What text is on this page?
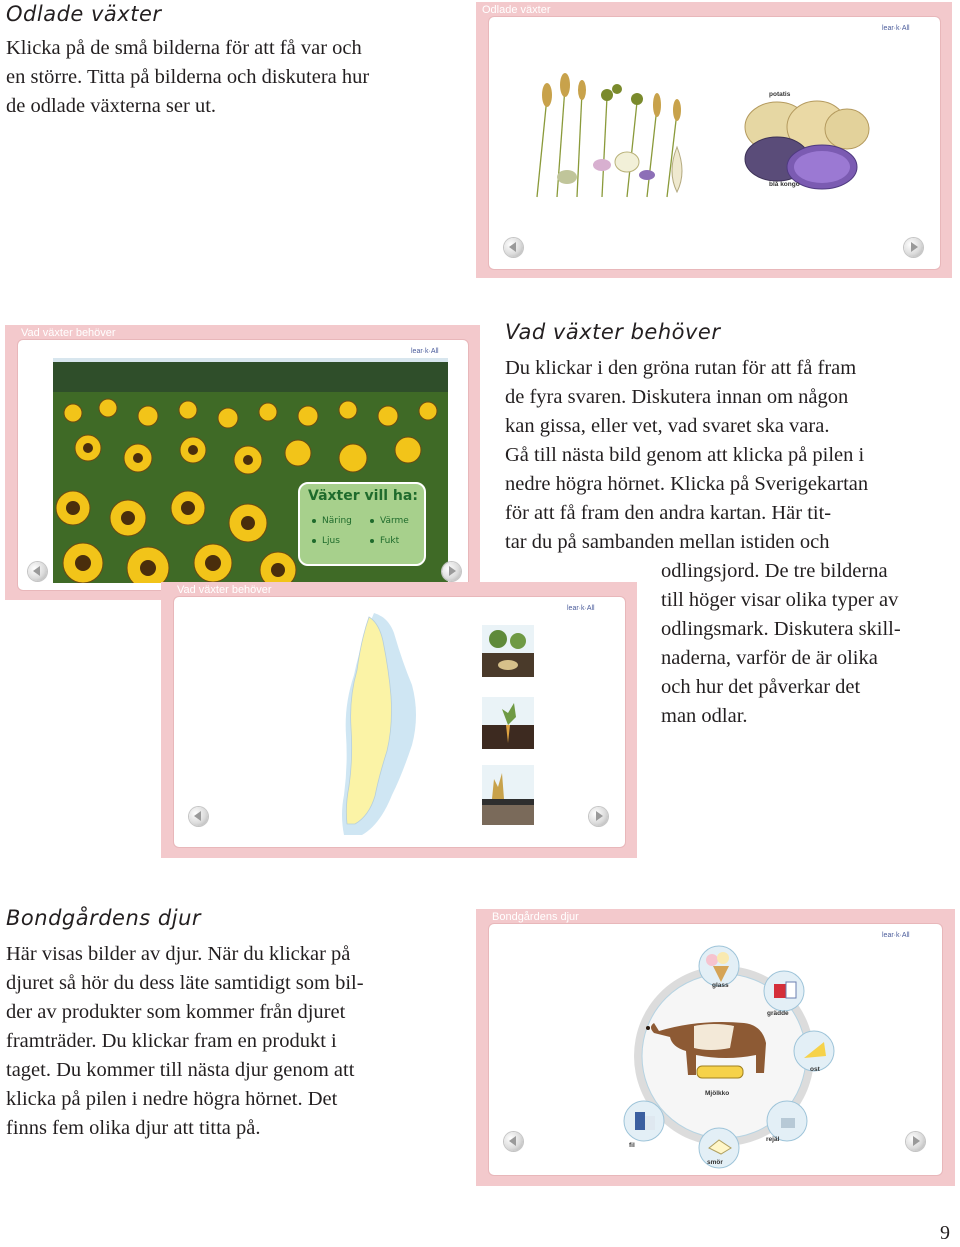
Odlade växter
Klicka på de små bilderna för att få var och
en större. Titta på bilderna och diskutera hur
de odlade växterna ser ut.
Odlade växter
lear·k·All
potatis
blå kongo
Vad växter behöver
lear·k·All
Växter vill ha:
Näring	Värme
Ljus	Fukt
Vad växter behöver
Du klickar i den gröna rutan för att få fram
de fyra svaren. Diskutera innan om någon
kan gissa, eller vet, vad svaret ska vara.
Gå till nästa bild genom att klicka på pilen i
nedre högra hörnet. Klicka på Sverigekartan
för att få fram den andra kartan. Här tit-
tar du på sambanden mellan istiden och
odlingsjord. De tre bilderna
till höger visar olika typer av
odlingsmark. Diskutera skill-
naderna, varför de är olika
och hur det påverkar det
man odlar.
Vad växter behöver
lear·k·All
Bondgårdens djur
Här visas bilder av djur. När du klickar på
djuret så hör du dess läte samtidigt som bil-
der av produkter som kommer från djuret
framträder. Du klickar fram en produkt i
taget. Du kommer till nästa djur genom att
klicka på pilen i nedre högra hörnet. Det
finns fem olika djur att titta på.
Bondgårdens djur
lear·k·All
glass
grädde
ost
rejäl
smör
fil
Mjölkko
9
